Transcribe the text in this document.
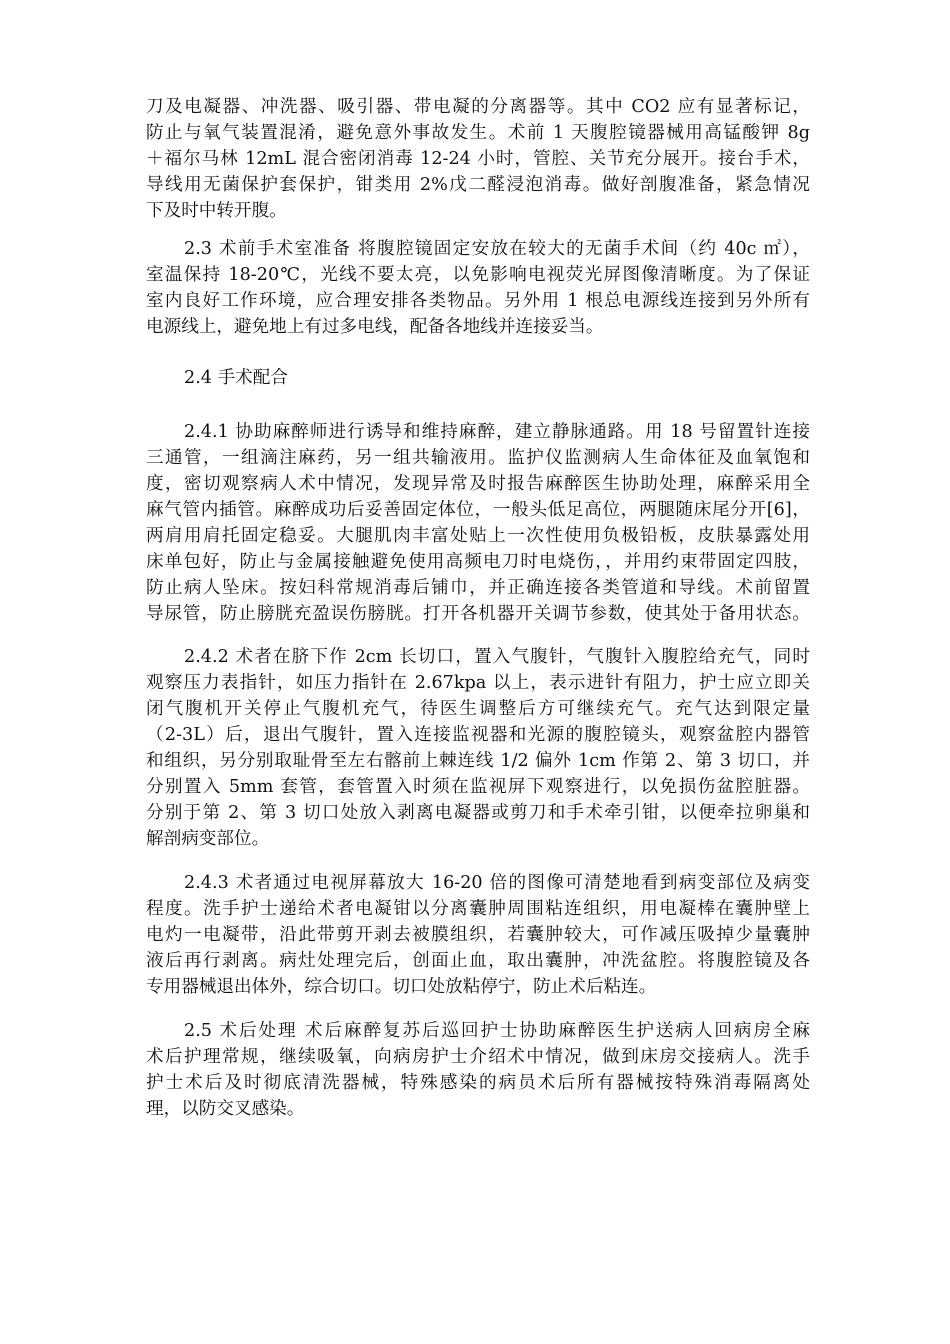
刀及电凝器、冲洗器、吸引器、带电凝的分离器等。其中 CO2 应有显著标记，
防止与氧气装置混淆，避免意外事故发生。术前 1 天腹腔镜器械用高锰酸钾 8g
＋福尔马林 12mL 混合密闭消毒 12-24 小时，管腔、关节充分展开。接台手术，
导线用无菌保护套保护，钳类用 2%戊二醛浸泡消毒。做好剖腹准备，紧急情况
下及时中转开腹。
2.3 术前手术室准备 将腹腔镜固定安放在较大的无菌手术间（约 40c ㎡），
室温保持 18-20℃，光线不要太亮，以免影响电视荧光屏图像清晰度。为了保证
室内良好工作环境，应合理安排各类物品。另外用 1 根总电源线连接到另外所有
电源线上，避免地上有过多电线，配备各地线并连接妥当。
2.4 手术配合
2.4.1 协助麻醉师进行诱导和维持麻醉，建立静脉通路。用 18 号留置针连接
三通管，一组滴注麻药，另一组共输液用。监护仪监测病人生命体征及血氧饱和
度，密切观察病人术中情况，发现异常及时报告麻醉医生协助处理，麻醉采用全
麻气管内插管。麻醉成功后妥善固定体位，一般头低足高位，两腿随床尾分开[6]，
两肩用肩托固定稳妥。大腿肌肉丰富处贴上一次性使用负极铅板，皮肤暴露处用
床单包好，防止与金属接触避免使用高频电刀时电烧伤，，并用约束带固定四肢，
防止病人坠床。按妇科常规消毒后铺巾，并正确连接各类管道和导线。术前留置
导尿管，防止膀胱充盈误伤膀胱。打开各机器开关调节参数，使其处于备用状态。
2.4.2 术者在脐下作 2cm 长切口，置入气腹针，气腹针入腹腔给充气，同时
观察压力表指针，如压力指针在 2.67kpa 以上，表示进针有阻力，护士应立即关
闭气腹机开关停止气腹机充气，待医生调整后方可继续充气。充气达到限定量
（2-3L）后，退出气腹针，置入连接监视器和光源的腹腔镜头，观察盆腔内器管
和组织，另分别取耻骨至左右髂前上棘连线 1/2 偏外 1cm 作第 2、第 3 切口，并
分别置入 5mm 套管，套管置入时须在监视屏下观察进行，以免损伤盆腔脏器。
分别于第 2、第 3 切口处放入剥离电凝器或剪刀和手术牵引钳，以便牵拉卵巢和
解剖病变部位。
2.4.3 术者通过电视屏幕放大 16-20 倍的图像可清楚地看到病变部位及病变
程度。洗手护士递给术者电凝钳以分离囊肿周围粘连组织，用电凝棒在囊肿壁上
电灼一电凝带，沿此带剪开剥去被膜组织，若囊肿较大，可作减压吸掉少量囊肿
液后再行剥离。病灶处理完后，创面止血，取出囊肿，冲洗盆腔。将腹腔镜及各
专用器械退出体外，综合切口。切口处放粘停宁，防止术后粘连。
2.5 术后处理 术后麻醉复苏后巡回护士协助麻醉医生护送病人回病房全麻
术后护理常规，继续吸氧，向病房护士介绍术中情况，做到床房交接病人。洗手
护士术后及时彻底清洗器械，特殊感染的病员术后所有器械按特殊消毒隔离处
理，以防交叉感染。
